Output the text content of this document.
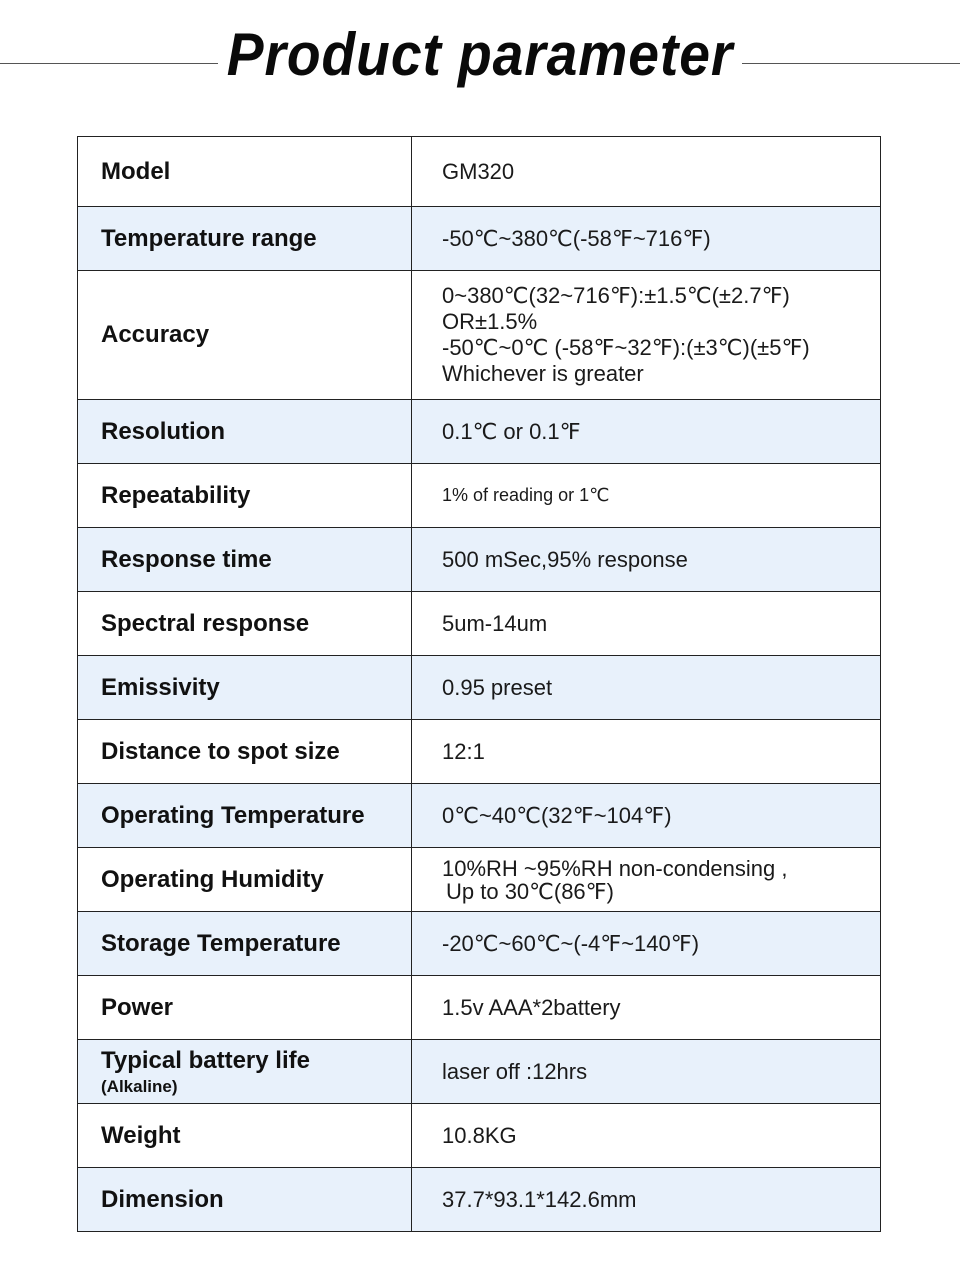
Product parameter
Model	GM320
Temperature range	-50℃~380℃(-58℉~716℉)
Accuracy	0~380℃(32~716℉):±1.5℃(±2.7℉)
OR±1.5%
-50℃~0℃ (-58℉~32℉):(±3℃)(±5℉)
Whichever is greater

Resolution	0.1℃ or 0.1℉
Repeatability	1% of reading or 1℃
Response time	500 mSec,95% response
Spectral response	5um-14um
Emissivity	0.95 preset
Distance to spot size	12:1
Operating Temperature	0℃~40℃(32℉~104℉)
Operating Humidity	10%RH ~95%RH non-condensing ,
Up to 30℃(86℉)

Storage Temperature	-20℃~60℃~(-4℉~140℉)
Power	1.5v AAA*2battery
Typical battery life
(Alkaline)	laser off :12hrs
Weight	10.8KG
Dimension	37.7*93.1*142.6mm
